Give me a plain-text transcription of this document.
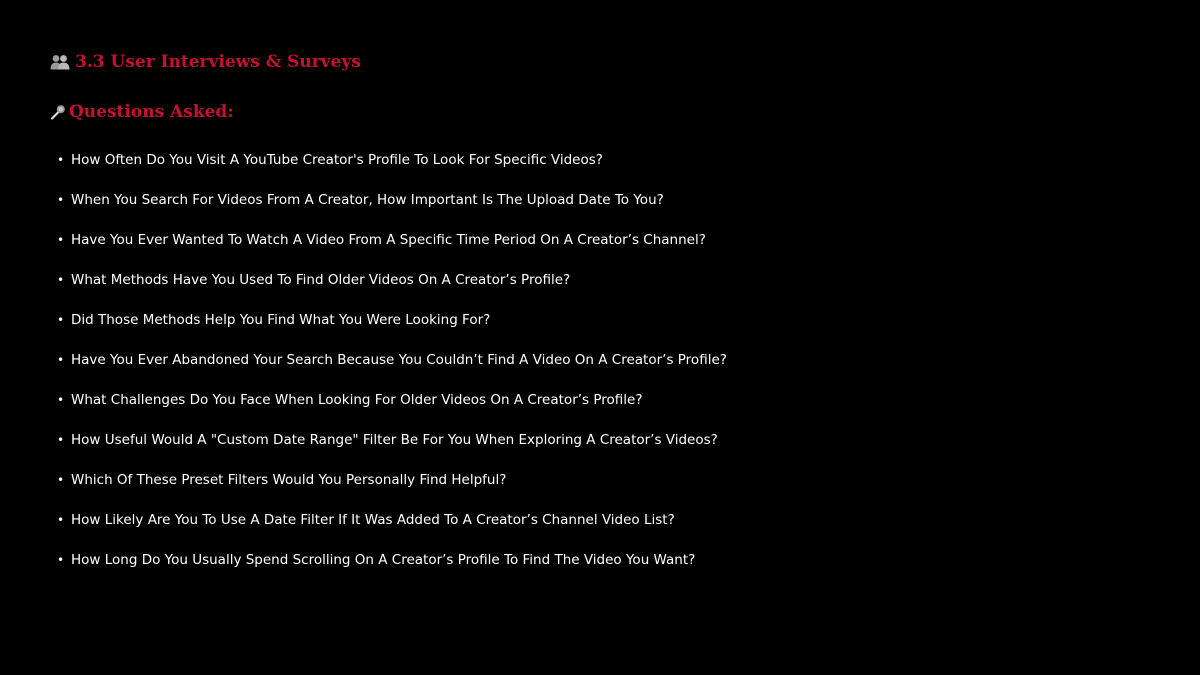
3.3 User Interviews & Surveys
Questions Asked:
• How Often Do You Visit A YouTube Creator's Profile To Look For Specific Videos?
• When You Search For Videos From A Creator, How Important Is The Upload Date To You?
• Have You Ever Wanted To Watch A Video From A Specific Time Period On A Creator’s Channel?
• What Methods Have You Used To Find Older Videos On A Creator’s Profile?
• Did Those Methods Help You Find What You Were Looking For?
• Have You Ever Abandoned Your Search Because You Couldn’t Find A Video On A Creator’s Profile?
• What Challenges Do You Face When Looking For Older Videos On A Creator’s Profile?
• How Useful Would A "Custom Date Range" Filter Be For You When Exploring A Creator’s Videos?
• Which Of These Preset Filters Would You Personally Find Helpful?
• How Likely Are You To Use A Date Filter If It Was Added To A Creator’s Channel Video List?
• How Long Do You Usually Spend Scrolling On A Creator’s Profile To Find The Video You Want?
